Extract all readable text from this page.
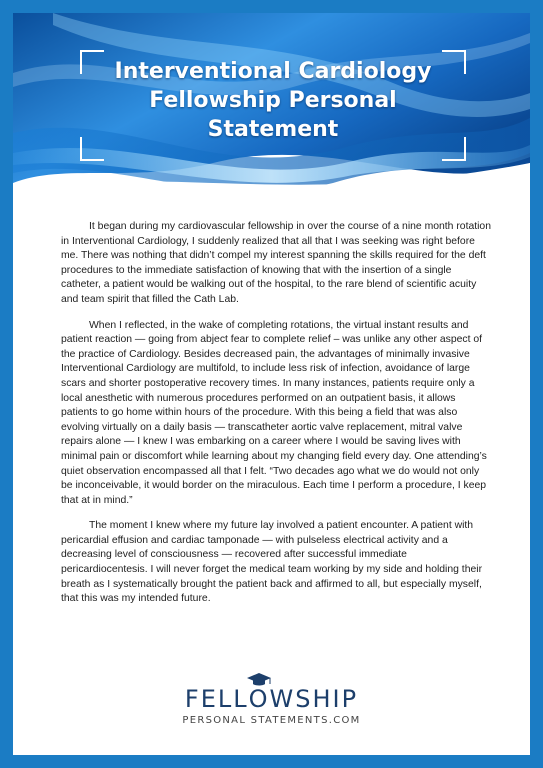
Interventional Cardiology
Fellowship Personal
Statement

It began during my cardiovascular fellowship in over the course of a nine month rotation in Interventional Cardiology, I suddenly realized that all that I was seeking was right before me. There was nothing that didn’t compel my interest spanning the skills required for the deft procedures to the immediate satisfaction of knowing that with the insertion of a single catheter, a patient would be walking out of the hospital, to the rare blend of scientific acuity and team spirit that filled the Cath Lab.

When I reflected, in the wake of completing rotations, the virtual instant results and patient reaction — going from abject fear to complete relief – was unlike any other aspect of the practice of Cardiology. Besides decreased pain, the advantages of minimally invasive Interventional Cardiology are multifold, to include less risk of infection, avoidance of large scars and shorter postoperative recovery times. In many instances, patients require only a local anesthetic with numerous procedures performed on an outpatient basis, it allows patients to go home within hours of the procedure. With this being a field that was also evolving virtually on a daily basis — transcatheter aortic valve replacement, mitral valve repairs alone — I knew I was embarking on a career where I would be saving lives with minimal pain or discomfort while learning about my changing field every day. One attending’s quiet observation encompassed all that I felt. “Two decades ago what we do would not only be inconceivable, it would border on the miraculous. Each time I perform a procedure, I keep that at in mind.”

The moment I knew where my future lay involved a patient encounter. A patient with pericardial effusion and cardiac tamponade — with pulseless electrical activity and a decreasing level of consciousness — recovered after successful immediate pericardiocentesis. I will never forget the medical team working by my side and holding their breath as I systematically brought the patient back and affirmed to all, but especially myself, that this was my intended future.

FELL
OWSHIP
PERSONAL STATEMENTS.COM
